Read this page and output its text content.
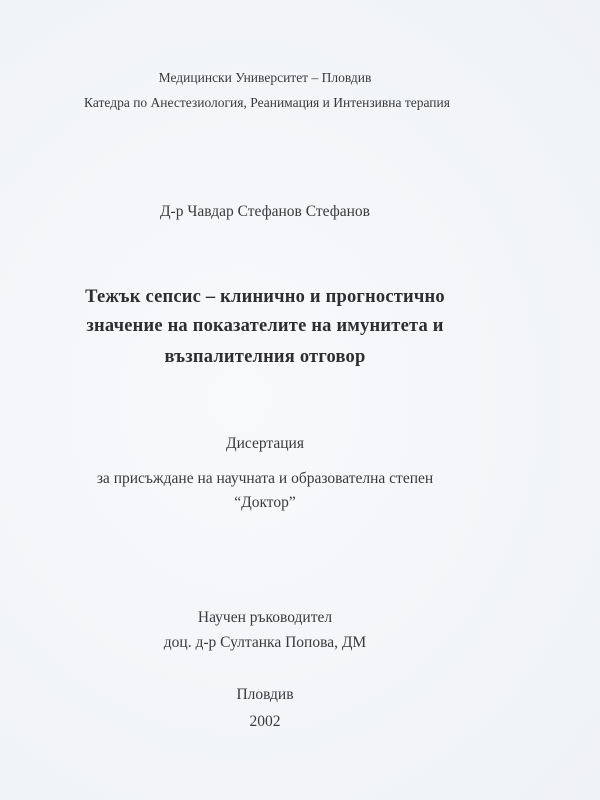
Медицински Университет – Пловдив
Катедра по Анестезиология, Реанимация и Интензивна терапия
Д-р Чавдар Стефанов Стефанов
Тежък сепсис – клинично и прогностично
значение на показателите на имунитета и
възпалителния отговор
Дисертация
за присъждане на научната и образователна степен
“Доктор”
Научен ръководител
доц. д-р Султанка Попова, ДМ
Пловдив
2002
